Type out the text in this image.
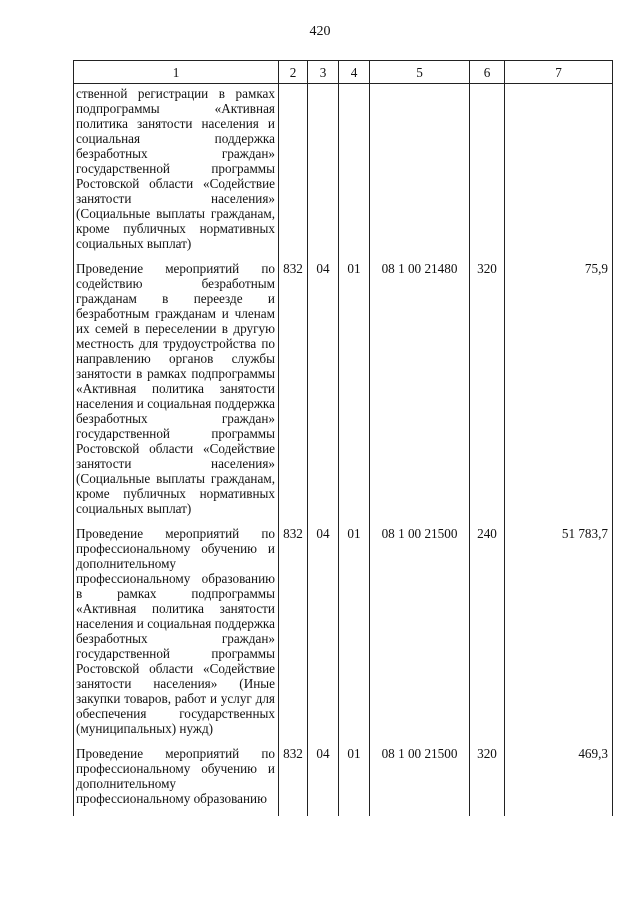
420
1	2	3	4	5	6	7
ственной регистрации в рамках подпрограммы «Активная политика занятости населения и социальная поддержка безработных граждан» государственной программы Ростовской области «Содействие занятости населения» (Социальные выплаты гражданам, кроме публичных нормативных социальных выплат)						
Проведение мероприятий по содействию безработным гражданам в переезде и безработным гражданам и членам их семей в переселении в другую местность для трудоустройства по направлению органов службы занятости в рамках подпрограммы «Активная политика занятости населения и социальная поддержка безработных граждан» государственной программы Ростовской области «Содействие занятости населения» (Социальные выплаты гражданам, кроме публичных нормативных социальных выплат)	832	04	01	08 1 00 21480	320	75,9
Проведение мероприятий по профессиональному обучению и дополнительному профессиональному образованию в рамках подпрограммы «Активная политика занятости населения и социальная поддержка безработных граждан» государственной программы Ростовской области «Содействие занятости населения» (Иные закупки товаров, работ и услуг для обеспечения государственных (муниципальных) нужд)	832	04	01	08 1 00 21500	240	51 783,7
Проведение мероприятий по профессиональному обучению и дополнительному профессиональному образованию	832	04	01	08 1 00 21500	320	469,3
